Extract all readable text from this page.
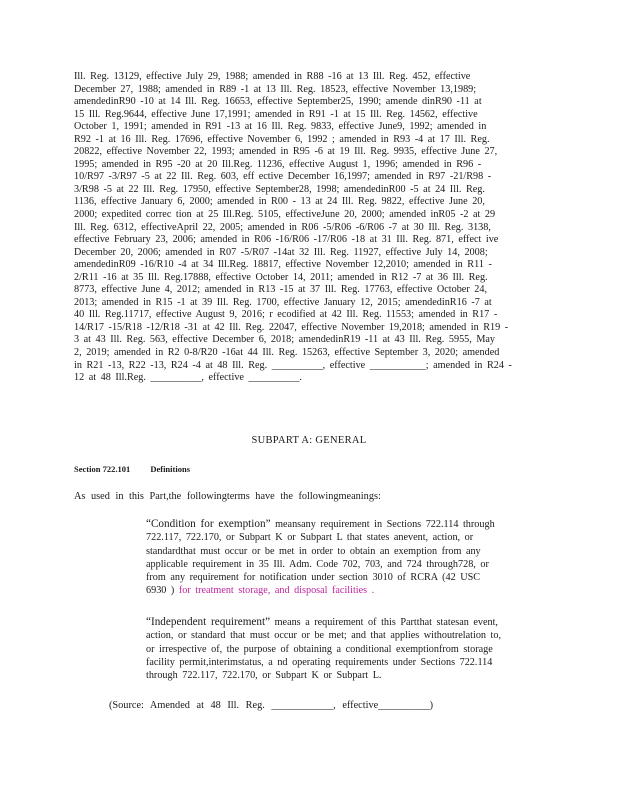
Ill. Reg. 13129, effective July 29, 1988; amended in R88 -16 at 13 Ill. Reg. 452, effective
December 27, 1988; amended in R89 -1 at 13 Ill. Reg. 18523, effective November 13,1989;
amendedinR90 -10 at 14 Ill. Reg. 16653, effective September25, 1990; amende dinR90 -11 at
15 Ill. Reg.9644, effective June 17,1991; amended in R91 -1 at 15 Ill. Reg. 14562, effective
October 1, 1991; amended in R91 -13 at 16 Ill. Reg. 9833, effective June9, 1992; amended in
R92 -1 at 16 Ill. Reg. 17696, effective November 6, 1992 ; amended in R93 -4 at 17 Ill. Reg.
20822, effective November 22, 1993; amended in R95 -6 at 19 Ill. Reg. 9935, effective June 27,
1995; amended in R95 -20 at 20 Ill.Reg. 11236, effective August 1, 1996; amended in R96 -
10/R97 -3/R97 -5 at 22 Ill. Reg. 603, eff ective December 16,1997; amended in R97 -21/R98 -
3/R98 -5 at 22 Ill. Reg. 17950, effective September28, 1998; amendedinR00 -5 at 24 Ill. Reg.
1136, effective January 6, 2000; amended in R00 - 13 at 24 Ill. Reg. 9822, effective June 20,
2000; expedited correc tion at 25 Ill.Reg. 5105, effectiveJune 20, 2000; amended inR05 -2 at 29
Ill. Reg. 6312, effectiveApril 22, 2005; amended in R06 -5/R06 -6/R06 -7 at 30 Ill. Reg. 3138,
effective February 23, 2006; amended in R06 -16/R06 -17/R06 -18 at 31 Ill. Reg. 871, effect ive
December 20, 2006; amended in R07 -5/R07 -14at 32 Ill. Reg. 11927, effective July 14, 2008;
amendedinR09 -16/R10 -4 at 34 Ill.Reg. 18817, effective November 12,2010; amended in R11 -
2/R11 -16 at 35 Ill. Reg.17888, effective October 14, 2011; amended in R12 -7 at 36 Ill. Reg.
8773, effective June 4, 2012; amended in R13 -15 at 37 Ill. Reg. 17763, effective October 24,
2013; amended in R15 -1 at 39 Ill. Reg. 1700, effective January 12, 2015; amendedinR16 -7 at
40 Ill. Reg.11717, effective August 9, 2016; r ecodified at 42 Ill. Reg. 11553; amended in R17 -
14/R17 -15/R18 -12/R18 -31 at 42 Ill. Reg. 22047, effective November 19,2018; amended in R19 -
3 at 43 Ill. Reg. 563, effective December 6, 2018; amendedinR19 -11 at 43 Ill. Reg. 5955, May
2, 2019; amended in R2 0-8/R20 -16at 44 Ill. Reg. 15263, effective September 3, 2020; amended
in R21 -13, R22 -13, R24 -4 at 48 Ill. Reg. __________, effective ___________; amended in R24 -
12 at 48 Ill.Reg. __________, effective __________.
SUBPART A: GENERAL
Section 722.101 Definitions
As used in this Part,the followingterms have the followingmeanings:
“Condition for exemption” meansany requirement in Sections 722.114 through
722.117, 722.170, or Subpart K or Subpart L that states anevent, action, or
standardthat must occur or be met in order to obtain an exemption from any
applicable requirement in 35 Ill. Adm. Code 702, 703, and 724 through728, or
from any requirement for notification under section 3010 of RCRA (42 USC
6930 ) for treatment storage, and disposal facilities .
“Independent requirement” means a requirement of this Partthat statesan event,
action, or standard that must occur or be met; and that applies withoutrelation to,
or irrespective of, the purpose of obtaining a conditional exemptionfrom storage
facility permit,interimstatus, a nd operating requirements under Sections 722.114
through 722.117, 722.170, or Subpart K or Subpart L.
(Source: Amended at 48 Ill. Reg. ____________, effective__________)
